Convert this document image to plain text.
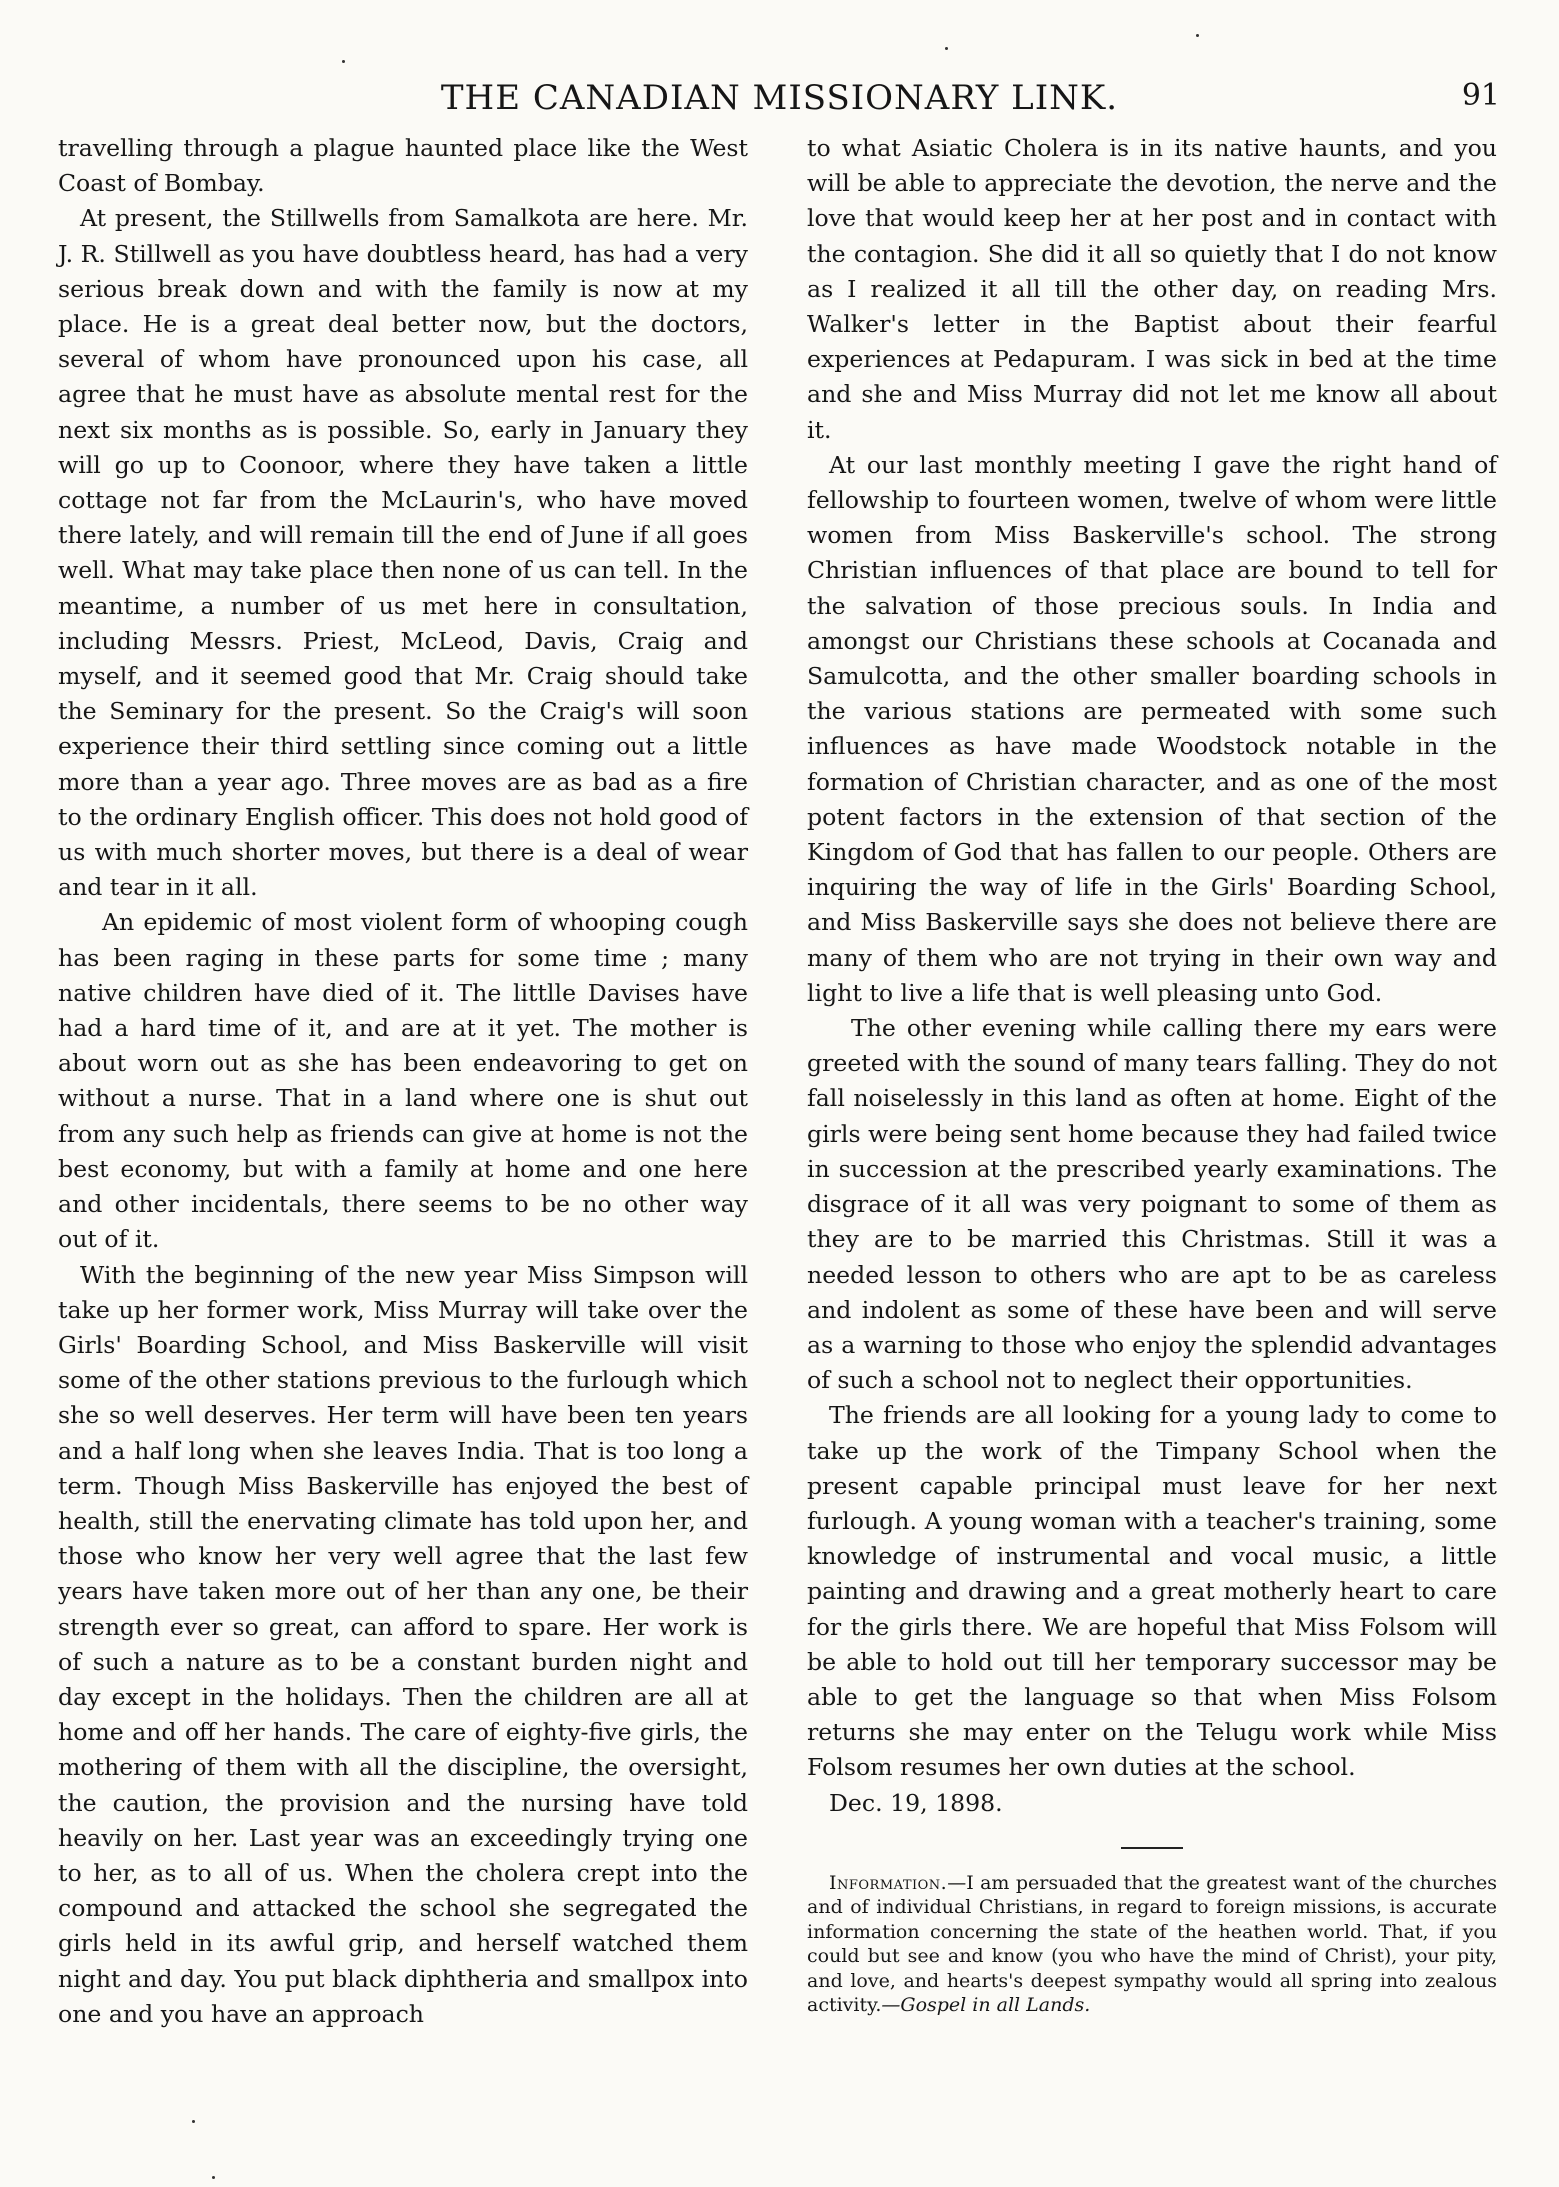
THE CANADIAN MISSIONARY LINK.	91

travelling through a plague haunted place like the West Coast of Bombay.

At present, the Stillwells from Samalkota are here. Mr. J. R. Stillwell as you have doubtless heard, has had a very serious break down and with the family is now at my place. He is a great deal better now, but the doctors, several of whom have pronounced upon his case, all agree that he must have as absolute mental rest for the next six months as is possible. So, early in January they will go up to Coonoor, where they have taken a little cottage not far from the McLaurin's, who have moved there lately, and will remain till the end of June if all goes well. What may take place then none of us can tell. In the meantime, a number of us met here in consultation, including Messrs. Priest, McLeod, Davis, Craig and myself, and it seemed good that Mr. Craig should take the Seminary for the present. So the Craig's will soon experience their third settling since coming out a little more than a year ago. Three moves are as bad as a fire to the ordinary English officer. This does not hold good of us with much shorter moves, but there is a deal of wear and tear in it all.

An epidemic of most violent form of whooping cough has been raging in these parts for some time ; many native children have died of it. The littlle Davises have had a hard time of it, and are at it yet. The mother is about worn out as she has been endeavoring to get on without a nurse. That in a land where one is shut out from any such help as friends can give at home is not the best economy, but with a family at home and one here and other incidentals, there seems to be no other way out of it.

With the beginning of the new year Miss Simpson will take up her former work, Miss Murray will take over the Girls' Boarding School, and Miss Baskerville will visit some of the other stations previous to the furlough which she so well deserves. Her term will have been ten years and a half long when she leaves India. That is too long a term. Though Miss Baskerville has enjoyed the best of health, still the enervating climate has told upon her, and those who know her very well agree that the last few years have taken more out of her than any one, be their strength ever so great, can afford to spare. Her work is of such a nature as to be a constant burden night and day except in the holidays. Then the children are all at home and off her hands. The care of eighty-five girls, the mothering of them with all the discipline, the oversight, the caution, the provision and the nursing have told heavily on her. Last year was an exceedingly trying one to her, as to all of us. When the cholera crept into the compound and attacked the school she segregated the girls held in its awful grip, and herself watched them night and day. You put black diphtheria and smallpox into one and you have an approach

to what Asiatic Cholera is in its native haunts, and you will be able to appreciate the devotion, the nerve and the love that would keep her at her post and in contact with the contagion. She did it all so quietly that I do not know as I realized it all till the other day, on reading Mrs. Walker's letter in the Baptist about their fearful experiences at Pedapuram. I was sick in bed at the time and she and Miss Murray did not let me know all about it.

At our last monthly meeting I gave the right hand of fellowship to fourteen women, twelve of whom were little women from Miss Baskerville's school. The strong Christian influences of that place are bound to tell for the salvation of those precious souls. In India and amongst our Christians these schools at Cocanada and Samulcotta, and the other smaller boarding schools in the various stations are permeated with some such influences as have made Woodstock notable in the formation of Christian character, and as one of the most potent factors in the extension of that section of the Kingdom of God that has fallen to our people. Others are inquiring the way of life in the Girls' Boarding School, and Miss Baskerville says she does not believe there are many of them who are not trying in their own way and light to live a life that is well pleasing unto God.

The other evening while calling there my ears were greeted with the sound of many tears falling. They do not fall noiselessly in this land as often at home. Eight of the girls were being sent home because they had failed twice in succession at the prescribed yearly examinations. The disgrace of it all was very poignant to some of them as they are to be married this Christmas. Still it was a needed lesson to others who are apt to be as careless and indolent as some of these have been and will serve as a warning to those who enjoy the splendid advantages of such a school not to neglect their opportunities.

The friends are all looking for a young lady to come to take up the work of the Timpany School when the present capable principal must leave for her next furlough. A young woman with a teacher's training, some knowledge of instrumental and vocal music, a little painting and drawing and a great motherly heart to care for the girls there. We are hopeful that Miss Folsom will be able to hold out till her temporary successor may be able to get the language so that when Miss Folsom returns she may enter on the Telugu work while Miss Folsom resumes her own duties at the school.

Dec. 19, 1898.

Information.—I am persuaded that the greatest want of the churches and of individual Christians, in regard to foreign missions, is accurate information concerning the state of the heathen world. That, if you could but see and know (you who have the mind of Christ), your pity, and love, and hearts's deepest sympathy would all spring into zealous activity.—Gospel in all Lands.
